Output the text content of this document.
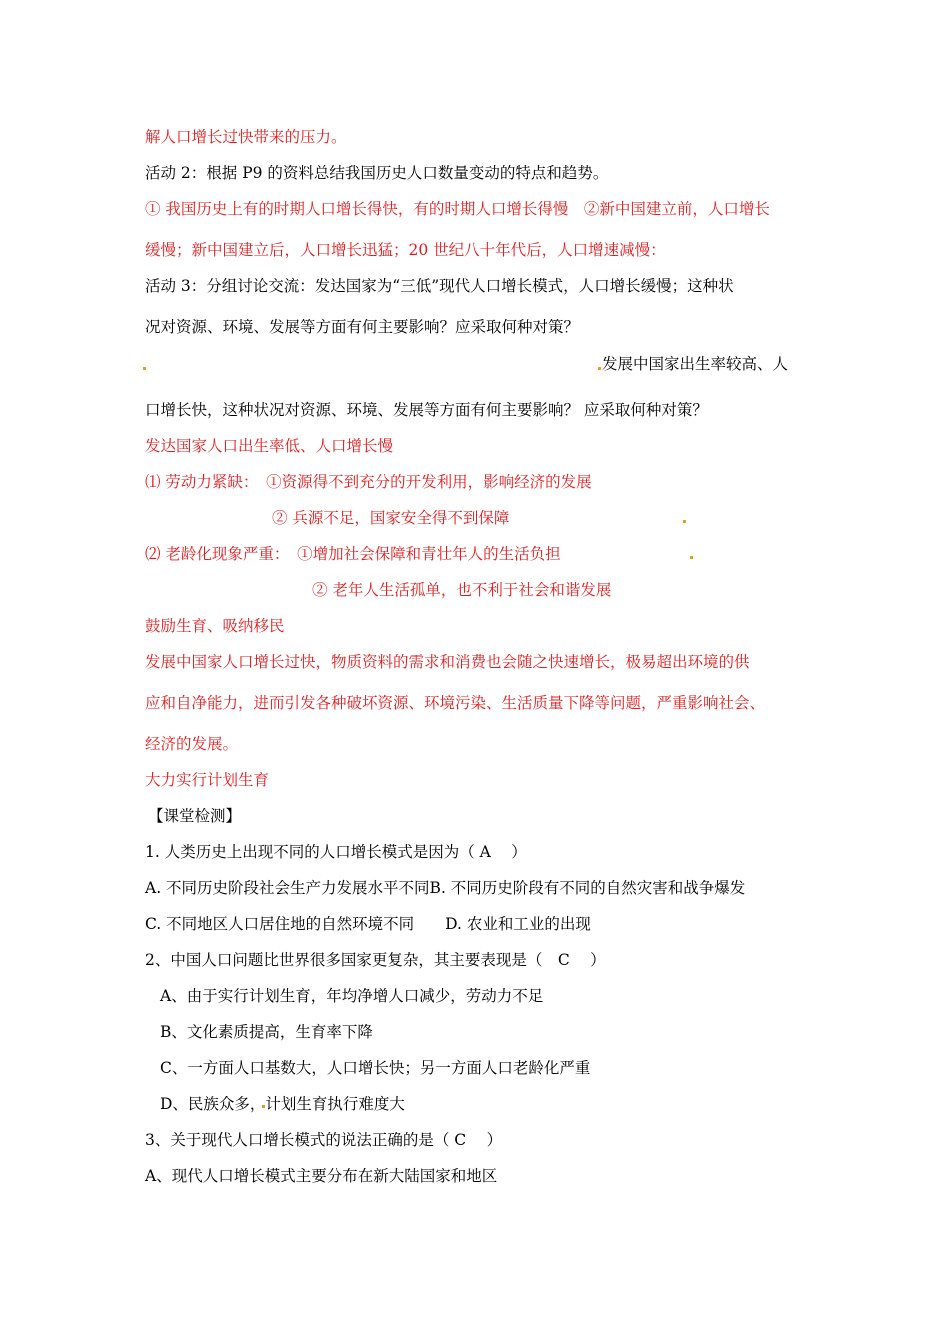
解人口增长过快带来的压力。
活动 2：根据 P9 的资料总结我国历史人口数量变动的特点和趋势。
① 我国历史上有的时期人口增长得快，有的时期人口增长得慢　②新中国建立前，人口增长
缓慢；新中国建立后，人口增长迅猛；20 世纪八十年代后，人口增速减慢：
活动 3：分组讨论交流：发达国家为“三低”现代人口增长模式，人口增长缓慢；这种状
况对资源、环境、发展等方面有何主要影响？应采取何种对策？
发展中国家出生率较高、人
口增长快，这种状况对资源、环境、发展等方面有何主要影响？ 应采取何种对策？
发达国家人口出生率低、人口增长慢
⑴ 劳动力紧缺：　①资源得不到充分的开发利用，影响经济的发展
② 兵源不足，国家安全得不到保障
⑵ 老龄化现象严重：　①增加社会保障和青壮年人的生活负担
② 老年人生活孤单，也不利于社会和谐发展
鼓励生育、吸纳移民
发展中国家人口增长过快，物质资料的需求和消费也会随之快速增长，极易超出环境的供
应和自净能力，进而引发各种破坏资源、环境污染、生活质量下降等问题，严重影响社会、
经济的发展。
大力实行计划生育
【课堂检测】
1. 人类历史上出现不同的人口增长模式是因为（ A　 ）
A. 不同历史阶段社会生产力发展水平不同B. 不同历史阶段有不同的自然灾害和战争爆发
C. 不同地区人口居住地的自然环境不同　　D. 农业和工业的出现
2、中国人口问题比世界很多国家更复杂，其主要表现是（　C　 ）
A、由于实行计划生育，年均净增人口减少，劳动力不足
B、文化素质提高，生育率下降
C、一方面人口基数大，人口增长快；另一方面人口老龄化严重
D、民族众多，计划生育执行难度大
3、关于现代人口增长模式的说法正确的是（ C　 ）
A、现代人口增长模式主要分布在新大陆国家和地区
